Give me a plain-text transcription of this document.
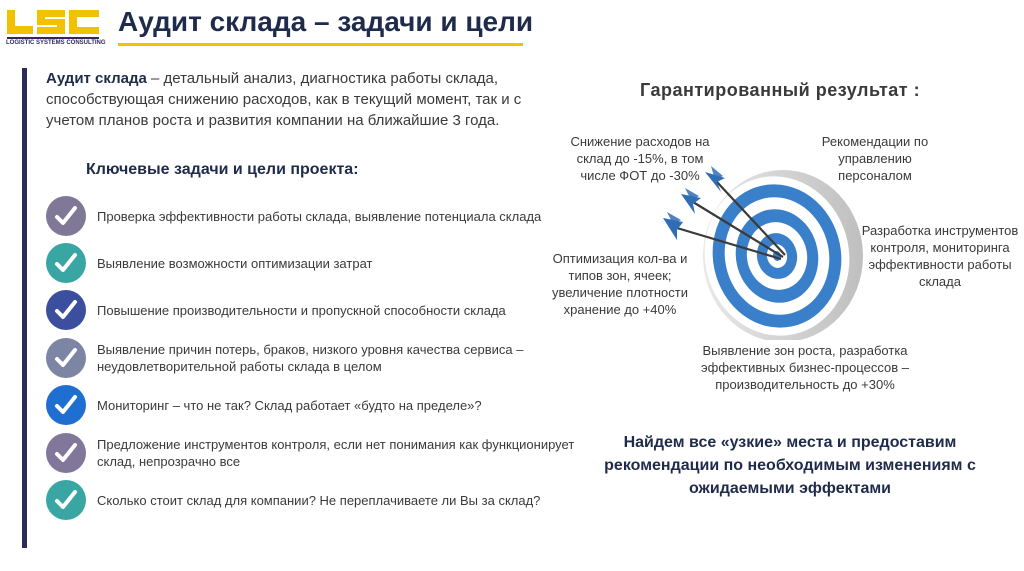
LOGISTIC SYSTEMS CONSULTING
Аудит склада – задачи и цели
Аудит склада – детальный анализ, диагностика работы склада, способствующая снижению расходов, как в текущий момент, так и с учетом планов роста и развития компании на ближайшие 3 года.
Ключевые задачи и цели проекта:
Проверка эффективности работы склада, выявление потенциала склада
Выявление возможности оптимизации затрат
Повышение производительности и пропускной способности склада
Выявление причин потерь, браков, низкого уровня качества сервиса – неудовлетворительной работы склада в целом
Мониторинг – что не так? Склад работает «будто на пределе»?
Предложение инструментов контроля, если нет понимания как функционирует склад, непрозрачно все
Сколько стоит склад для компании? Не переплачиваете ли Вы за склад?
Гарантированный результат :
Снижение расходов на склад до -15%, в том числе ФОТ до -30%
Рекомендации по управлению персоналом
Разработка инструментов контроля, мониторинга эффективности работы склада
Оптимизация кол-ва и типов зон, ячеек; увеличение плотности хранение до +40%
Выявление зон роста, разработка эффективных бизнес-процессов – производительность до +30%
Найдем все «узкие» места и предоставим рекомендации по необходимым изменениям с ожидаемыми эффектами
